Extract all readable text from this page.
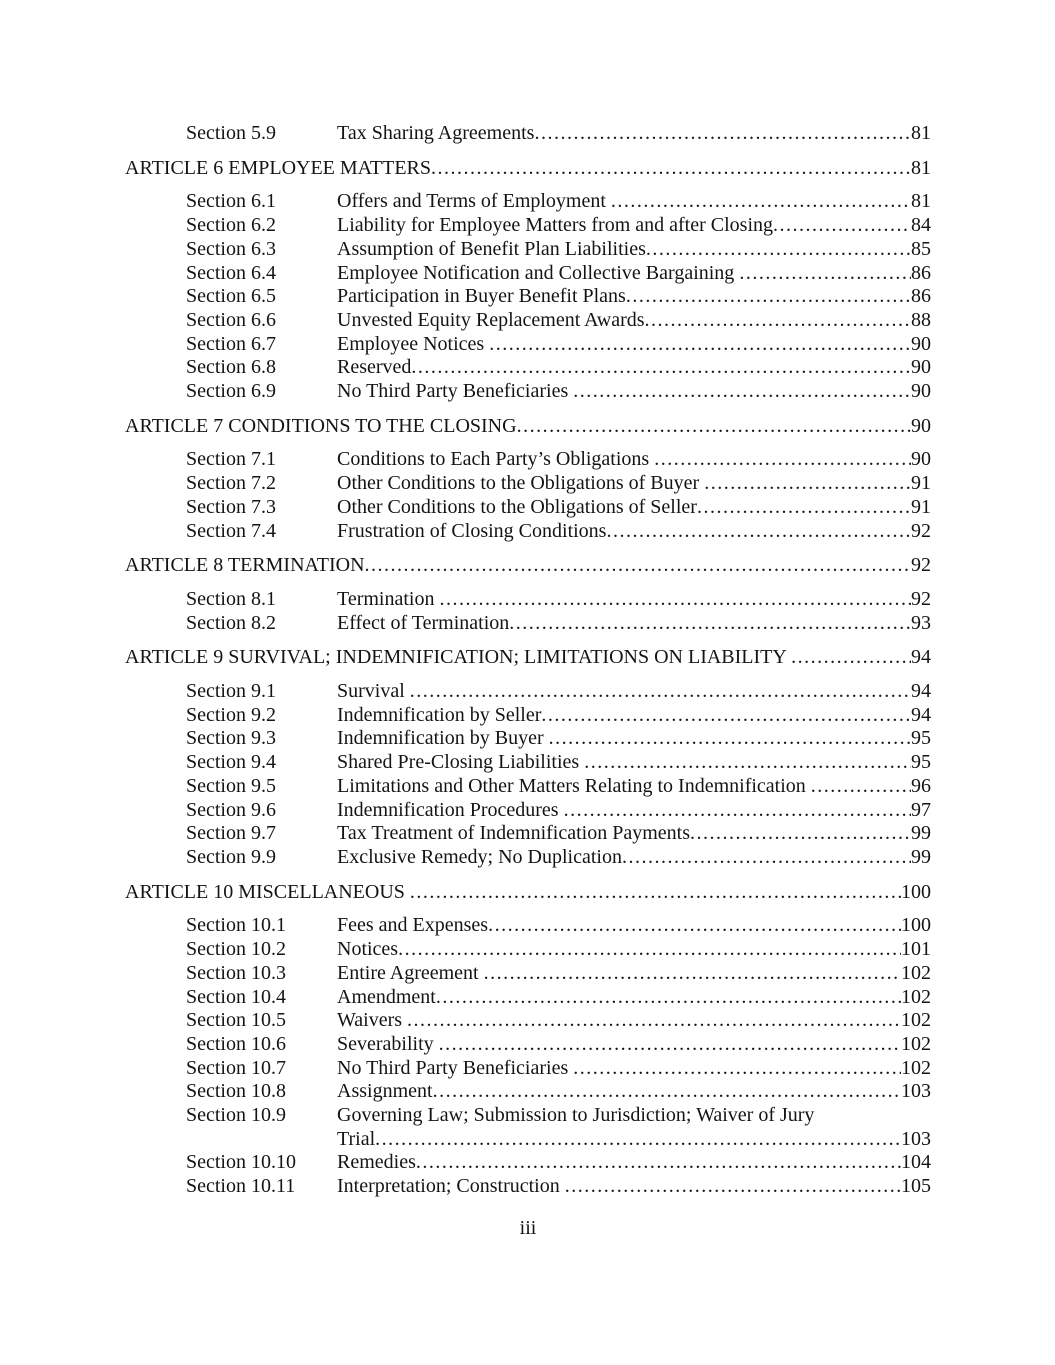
Section 5.9	Tax Sharing Agreements .....	81
ARTICLE 6 EMPLOYEE MATTERS .....	81
Section 6.1	Offers and Terms of Employment .....	81
Section 6.2	Liability for Employee Matters from and after Closing .....	84
Section 6.3	Assumption of Benefit Plan Liabilities .....	85
Section 6.4	Employee Notification and Collective Bargaining .....	86
Section 6.5	Participation in Buyer Benefit Plans .....	86
Section 6.6	Unvested Equity Replacement Awards .....	88
Section 6.7	Employee Notices .....	90
Section 6.8	Reserved .....	90
Section 6.9	No Third Party Beneficiaries .....	90
ARTICLE 7 CONDITIONS TO THE CLOSING .....	90
Section 7.1	Conditions to Each Party’s Obligations .....	90
Section 7.2	Other Conditions to the Obligations of Buyer .....	91
Section 7.3	Other Conditions to the Obligations of Seller .....	91
Section 7.4	Frustration of Closing Conditions .....	92
ARTICLE 8 TERMINATION .....	92
Section 8.1	Termination .....	92
Section 8.2	Effect of Termination .....	93
ARTICLE 9 SURVIVAL; INDEMNIFICATION; LIMITATIONS ON LIABILITY .....	94
Section 9.1	Survival .....	94
Section 9.2	Indemnification by Seller .....	94
Section 9.3	Indemnification by Buyer .....	95
Section 9.4	Shared Pre-Closing Liabilities .....	95
Section 9.5	Limitations and Other Matters Relating to Indemnification .....	96
Section 9.6	Indemnification Procedures .....	97
Section 9.7	Tax Treatment of Indemnification Payments .....	99
Section 9.9	Exclusive Remedy; No Duplication .....	99
ARTICLE 10 MISCELLANEOUS .....	100
Section 10.1	Fees and Expenses .....	100
Section 10.2	Notices .....	101
Section 10.3	Entire Agreement .....	102
Section 10.4	Amendment .....	102
Section 10.5	Waivers .....	102
Section 10.6	Severability .....	102
Section 10.7	No Third Party Beneficiaries .....	102
Section 10.8	Assignment .....	103
Section 10.9	Governing Law; Submission to Jurisdiction; Waiver of Jury
Trial .....	103
Section 10.10	Remedies .....	104
Section 10.11	Interpretation; Construction .....	105
iii
